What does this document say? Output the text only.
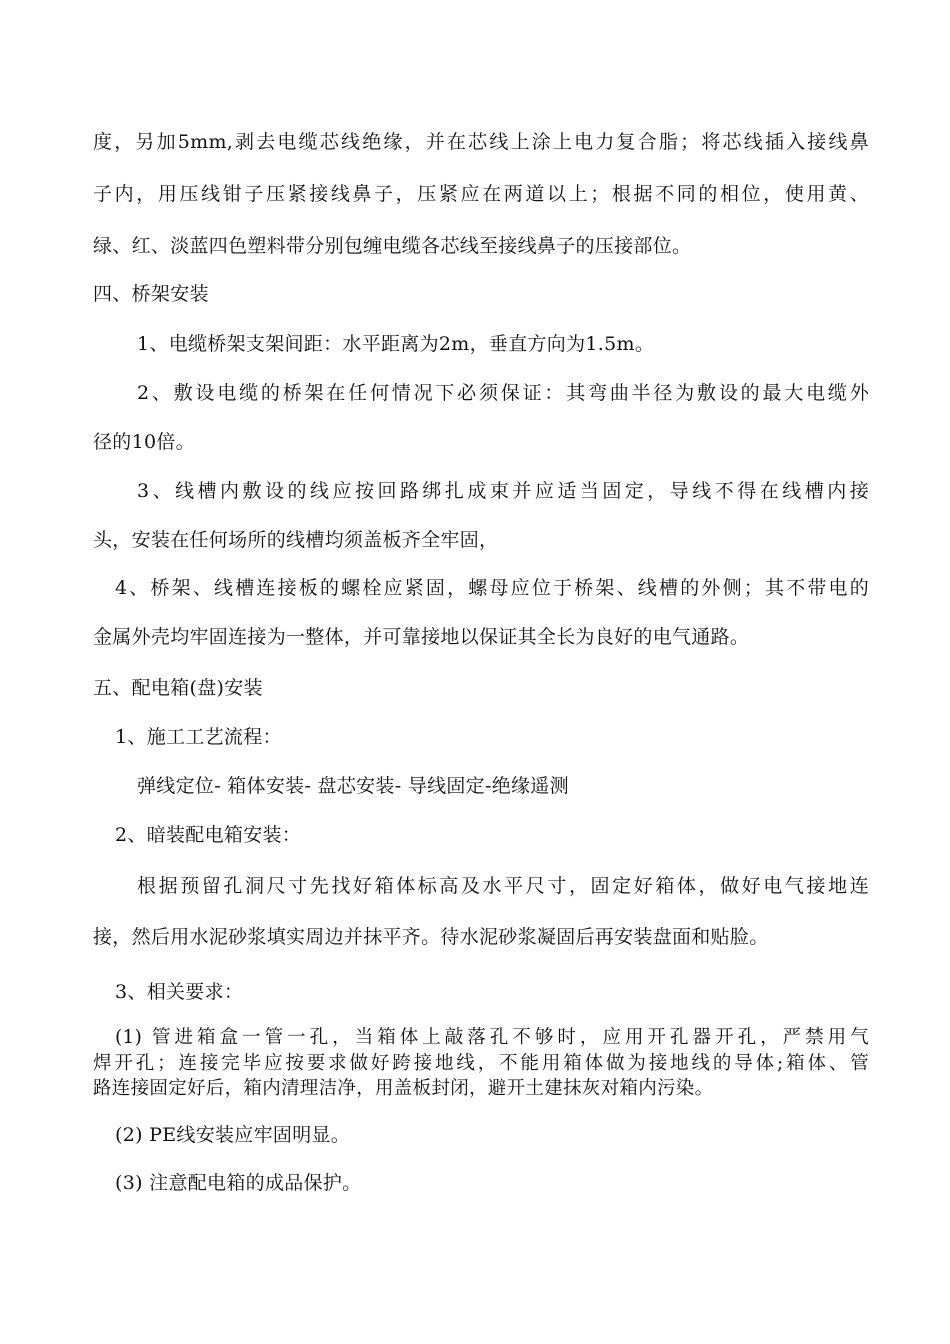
度，另加5mm,剥去电缆芯线绝缘，并在芯线上涂上电力复合脂；将芯线插入接线鼻
子内，用压线钳子压紧接线鼻子，压紧应在两道以上；根据不同的相位，使用黄、
绿、红、淡蓝四色塑料带分别包缠电缆各芯线至接线鼻子的压接部位。
四、桥架安装
1、电缆桥架支架间距：水平距离为2m，垂直方向为1.5m。
2、敷设电缆的桥架在任何情况下必须保证：其弯曲半径为敷设的最大电缆外
径的10倍。
3、线槽内敷设的线应按回路绑扎成束并应适当固定，导线不得在线槽内接
头，安装在任何场所的线槽均须盖板齐全牢固，
4、桥架、线槽连接板的螺栓应紧固，螺母应位于桥架、线槽的外侧；其不带电的
金属外壳均牢固连接为一整体，并可靠接地以保证其全长为良好的电气通路。
五、配电箱(盘)安装
1、施工工艺流程：
弹线定位- 箱体安装- 盘芯安装- 导线固定-绝缘遥测
2、暗装配电箱安装：
根据预留孔洞尺寸先找好箱体标高及水平尺寸，固定好箱体，做好电气接地连
接，然后用水泥砂浆填实周边并抹平齐。待水泥砂浆凝固后再安装盘面和贴脸。
3、相关要求：
(1) 管进箱盒一管一孔，当箱体上敲落孔不够时，应用开孔器开孔，严禁用气
焊开孔；连接完毕应按要求做好跨接地线，不能用箱体做为接地线的导体;箱体、管
路连接固定好后，箱内清理洁净，用盖板封闭，避开土建抹灰对箱内污染。
(2) PE线安装应牢固明显。
(3) 注意配电箱的成品保护。
